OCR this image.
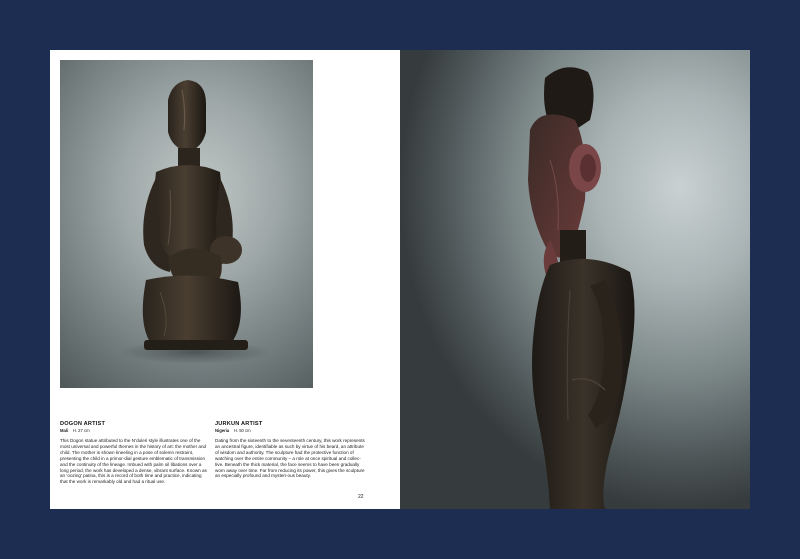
DOGON ARTIST
Mali H. 27 cm
This Dogon statue attributed to the N’duleri style illustrates one of the most universal and powerful themes in the history of art: the mother and child. The mother is shown kneeling in a pose of solemn restraint, presenting the child in a primor-dial gesture emblematic of transmission and the continuity of the lineage. Imbued with palm oil libations over a long period, the work has developed a dense, vibrant surface. Known as an ‘oozing’ patina, this is a record of both time and practice, indicating that the work is remarkably old and had a ritual use.
JURKUN ARTIST
Nigeria H. 50 cm
Dating from the sixteenth to the seventeenth century, this work represents an ancestral figure, identifiable as such by virtue of his beard, an attribute of wisdom and authority. The sculpture had the protective function of watching over the entire community – a role at once spiritual and collec-tive. Beneath the thick material, the face seems to have been gradually worn away over time. Far from reducing its power, this gives the sculpture an especially profound and mysteri-ous beauty.
22
